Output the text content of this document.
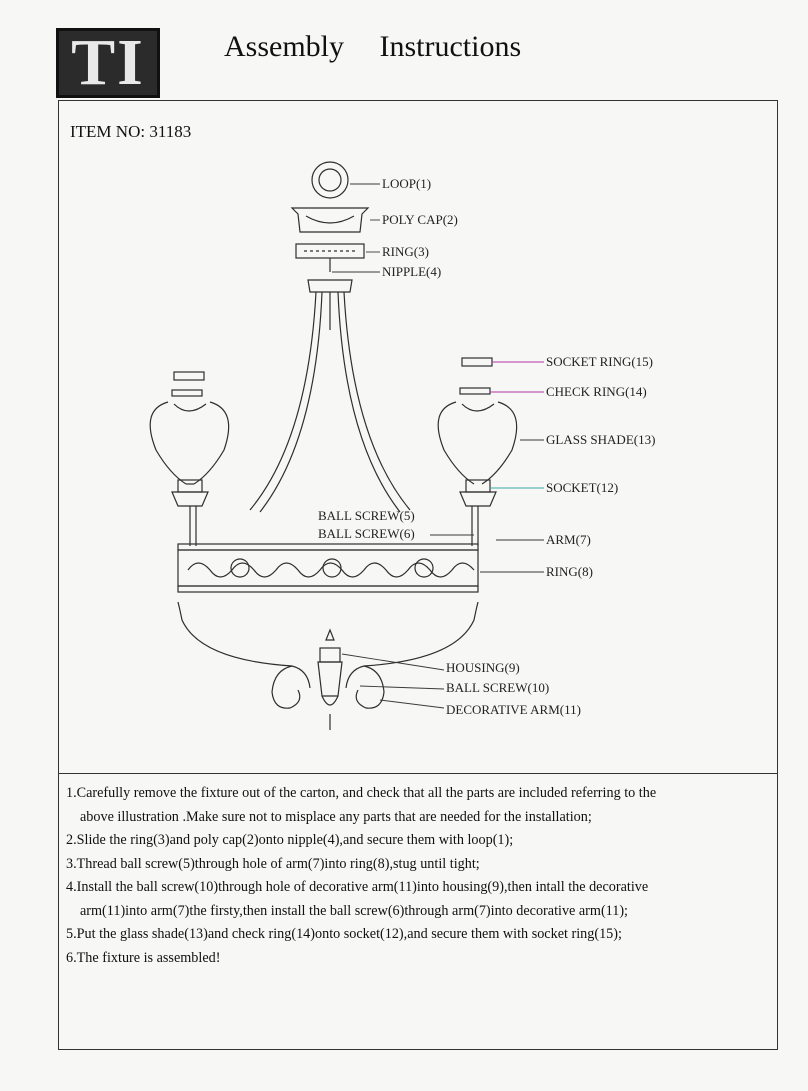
TI	Assembly Instructions
ITEM NO: 31183
LOOP(1)
POLY CAP(2)
RING(3)
NIPPLE(4)
SOCKET RING(15)
CHECK RING(14)
GLASS SHADE(13)
SOCKET(12)
BALL SCREW(5)
BALL SCREW(6)	ARM(7)
RING(8)
HOUSING(9)
BALL SCREW(10)
DECORATIVE ARM(11)

1.Carefully remove the fixture out of the carton, and check that all the parts are included referring to the
above illustration .Make sure not to misplace any parts that are needed for the installation;

2.Slide the ring(3)and poly cap(2)onto nipple(4),and secure them with loop(1);

3.Thread ball screw(5)through hole of arm(7)into ring(8),stug until tight;

4.Install the ball screw(10)through hole of decorative arm(11)into housing(9),then intall the decorative
arm(11)into arm(7)the firsty,then install the ball screw(6)through arm(7)into decorative arm(11);

5.Put the glass shade(13)and check ring(14)onto socket(12),and secure them with socket ring(15);

6.The fixture is assembled!
